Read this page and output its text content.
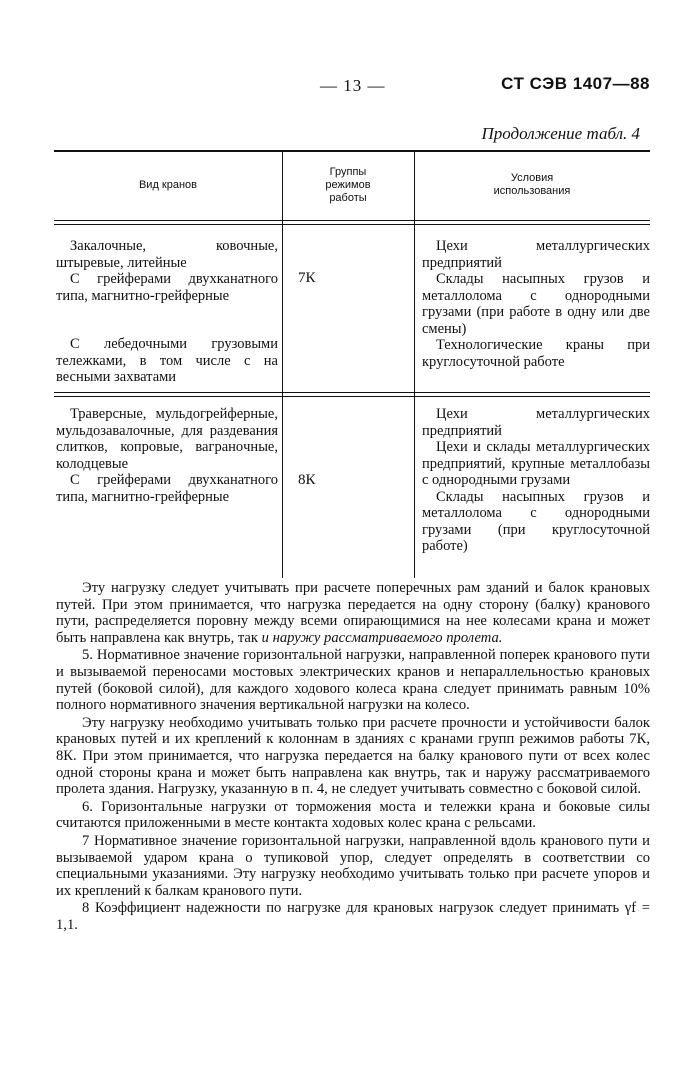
— 13 —	СТ СЭВ 1407—88
Продолжение табл. 4
Вид кранов
Группы режимов работы
Условия использования

Закалочные, ковочные, штыревые, литейные

С грейферами двухканатного типа, магнитно-грейферные

С лебедочными грузовыми тележками, в том числе с на весными захватами

7К

Цехи металлургических предприятий

Склады насыпных грузов и металлолома с однородными грузами (при работе в одну или две смены)

Технологические краны при круглосуточной работе

Траверсные, мульдогрейферные, мульдозавалочные, для раздевания слитков, копровые, вагранoчные, колодцевые

С грейферами двухканатного типа, магнитно-грейферные

8К

Цехи металлургических предприятий

Цехи и склады металлургических предприятий, крупные металлобазы с однородными грузами

Склады насыпных грузов и металлолома с однородными грузами (при круглосуточной работе)

Эту нагрузку следует учитывать при расчете поперечных рам зданий и балок крановых путей. При этом принимается, что нагрузка передается на одну сторону (балку) кранового пути, распределяется поровну между всеми опирающимися на нее колесами крана и может быть направлена как внутрь, так и наружу рассматриваемого пролета.

5. Нормативное значение горизонтальной нагрузки, направленной поперек кранового пути и вызываемой переносами мостовых электрических кранов и непараллельностью крановых путей (боковой силой), для каждого ходового колеса крана следует принимать равным 10% полного нормативного значения вертикальной нагрузки на колесо.

Эту нагрузку необходимо учитывать только при расчете прочности и устойчивости балок крановых путей и их креплений к колоннам в зданиях с кранами групп режимов работы 7К, 8К. При этом принимается, что нагрузка передается на балку кранового пути от всех колес одной стороны крана и может быть направлена как внутрь, так и наружу рассматриваемого пролета здания. Нагрузку, указанную в п. 4, не следует учитывать совместно с боковой силой.

6. Горизонтальные нагрузки от торможения моста и тележки крана и боковые силы считаются приложенными в месте контакта ходовых колес крана с рельсами.

7 Нормативное значение горизонтальной нагрузки, направленной вдоль кранового пути и вызываемой ударом крана о тупиковой упор, следует определять в соответствии со специальными указаниями. Эту нагрузку необходимо учитывать только при расчете упоров и их креплений к балкам кранового пути.

8 Коэффициент надежности по нагрузке для крановых нагрузок следует принимать γf = 1,1.
